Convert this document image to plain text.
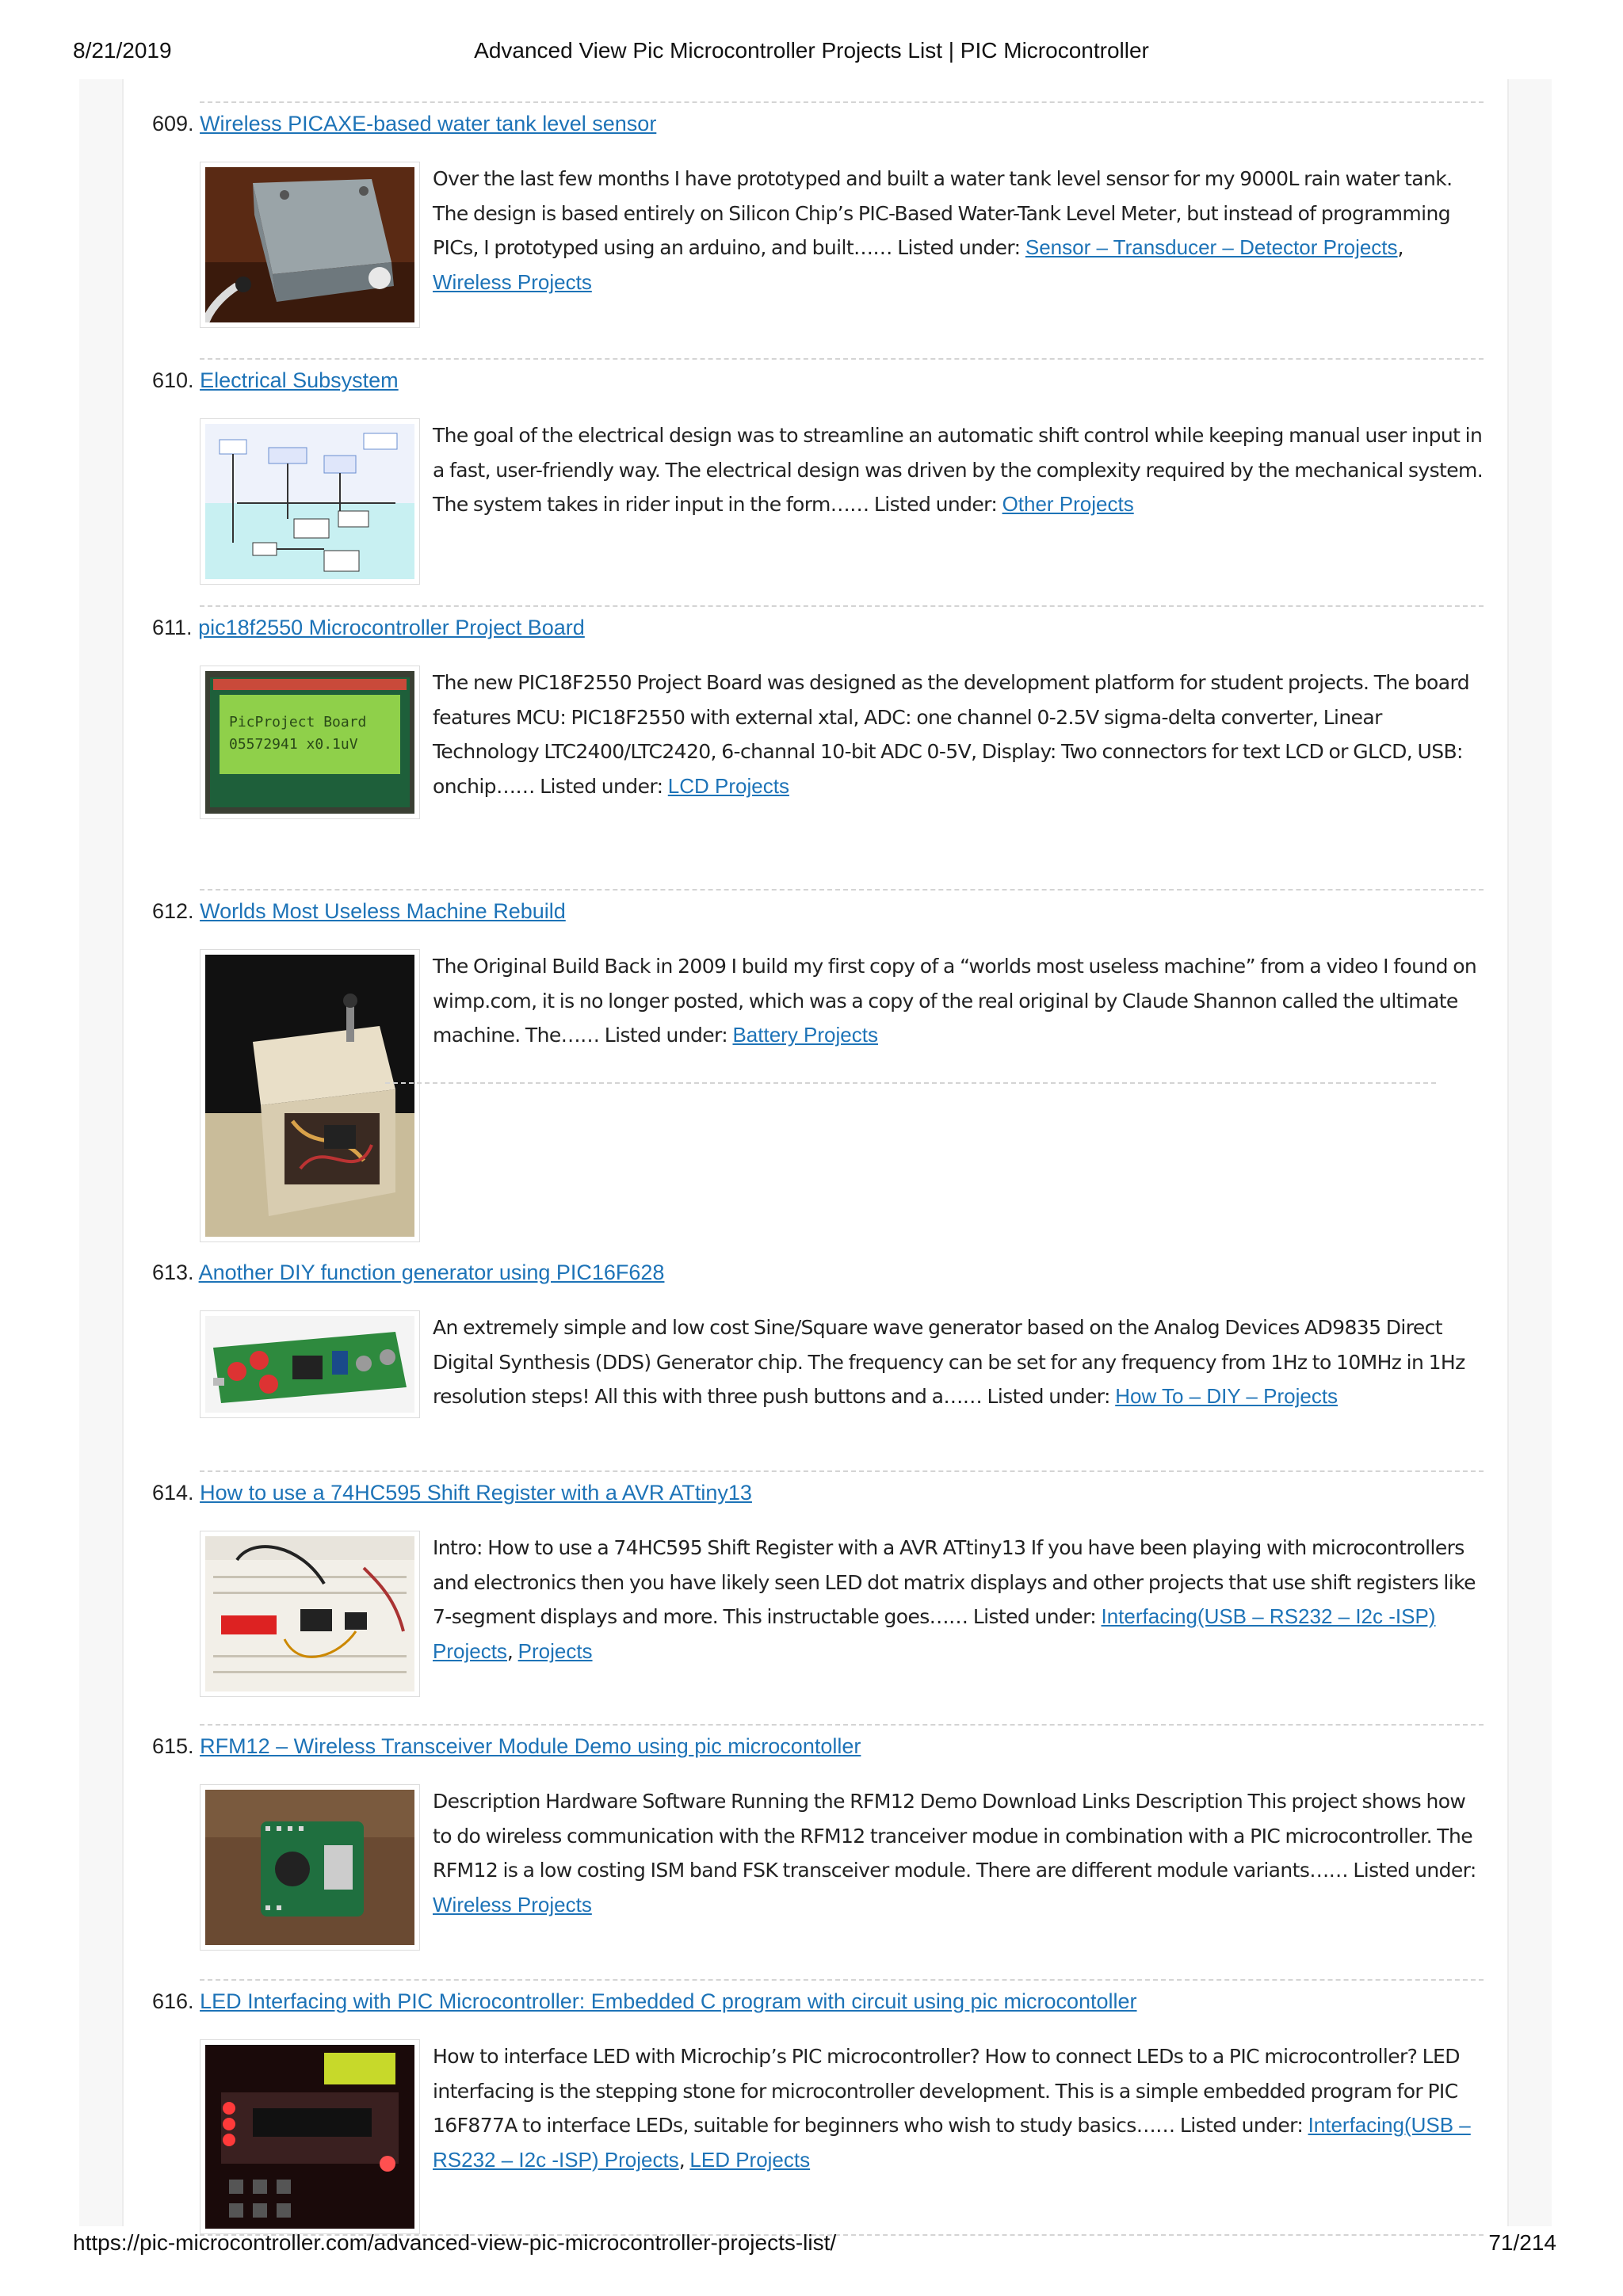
8/21/2019	Advanced View Pic Microcontroller Projects List | PIC Microcontroller
609. Wireless PICAXE-based water tank level sensor
Over the last few months I have prototyped and built a water tank level sensor for my 9000L rain water tank. The design is based entirely on Silicon Chip’s PIC-Based Water-Tank Level Meter, but instead of programming PICs, I prototyped using an arduino, and built…… Listed under: Sensor – Transducer – Detector Projects, Wireless Projects
610. Electrical Subsystem
The goal of the electrical design was to streamline an automatic shift control while keeping manual user input in a fast, user-friendly way. The electrical design was driven by the complexity required by the mechanical system. The system takes in rider input in the form…… Listed under: Other Projects
611. pic18f2550 Microcontroller Project Board
PicProject Board
05572941 x0.1uV
The new PIC18F2550 Project Board was designed as the development platform for student projects. The board features MCU: PIC18F2550 with external xtal, ADC: one channel 0-2.5V sigma-delta converter, Linear Technology LTC2400/LTC2420, 6-channal 10-bit ADC 0-5V, Display: Two connectors for text LCD or GLCD, USB: onchip…… Listed under: LCD Projects
612. Worlds Most Useless Machine Rebuild
The Original Build Back in 2009 I build my first copy of a “worlds most useless machine” from a video I found on wimp.com, it is no longer posted, which was a copy of the real original by Claude Shannon called the ultimate machine. The…… Listed under: Battery Projects
613. Another DIY function generator using PIC16F628
An extremely simple and low cost Sine/Square wave generator based on the Analog Devices AD9835 Direct Digital Synthesis (DDS) Generator chip. The frequency can be set for any frequency from 1Hz to 10MHz in 1Hz resolution steps! All this with three push buttons and a…… Listed under: How To – DIY – Projects
614. How to use a 74HC595 Shift Register with a AVR ATtiny13
Intro: How to use a 74HC595 Shift Register with a AVR ATtiny13 If you have been playing with microcontrollers and electronics then you have likely seen LED dot matrix displays and other projects that use shift registers like 7-segment displays and more. This instructable goes…… Listed under: Interfacing(USB – RS232 – I2c -ISP) Projects, Projects
615. RFM12 – Wireless Transceiver Module Demo using pic microcontoller
Description Hardware Software Running the RFM12 Demo Download Links Description This project shows how to do wireless communication with the RFM12 tranceiver modue in combination with a PIC microcontroller. The RFM12 is a low costing ISM band FSK transceiver module. There are different module variants…… Listed under: Wireless Projects
616. LED Interfacing with PIC Microcontroller: Embedded C program with circuit using pic microcontoller
How to interface LED with Microchip’s PIC microcontroller? How to connect LEDs to a PIC microcontroller? LED interfacing is the stepping stone for microcontroller development. This is a simple embedded program for PIC 16F877A to interface LEDs, suitable for beginners who wish to study basics…… Listed under: Interfacing(USB – RS232 – I2c -ISP) Projects, LED Projects
https://pic-microcontroller.com/advanced-view-pic-microcontroller-projects-list/	71/214
